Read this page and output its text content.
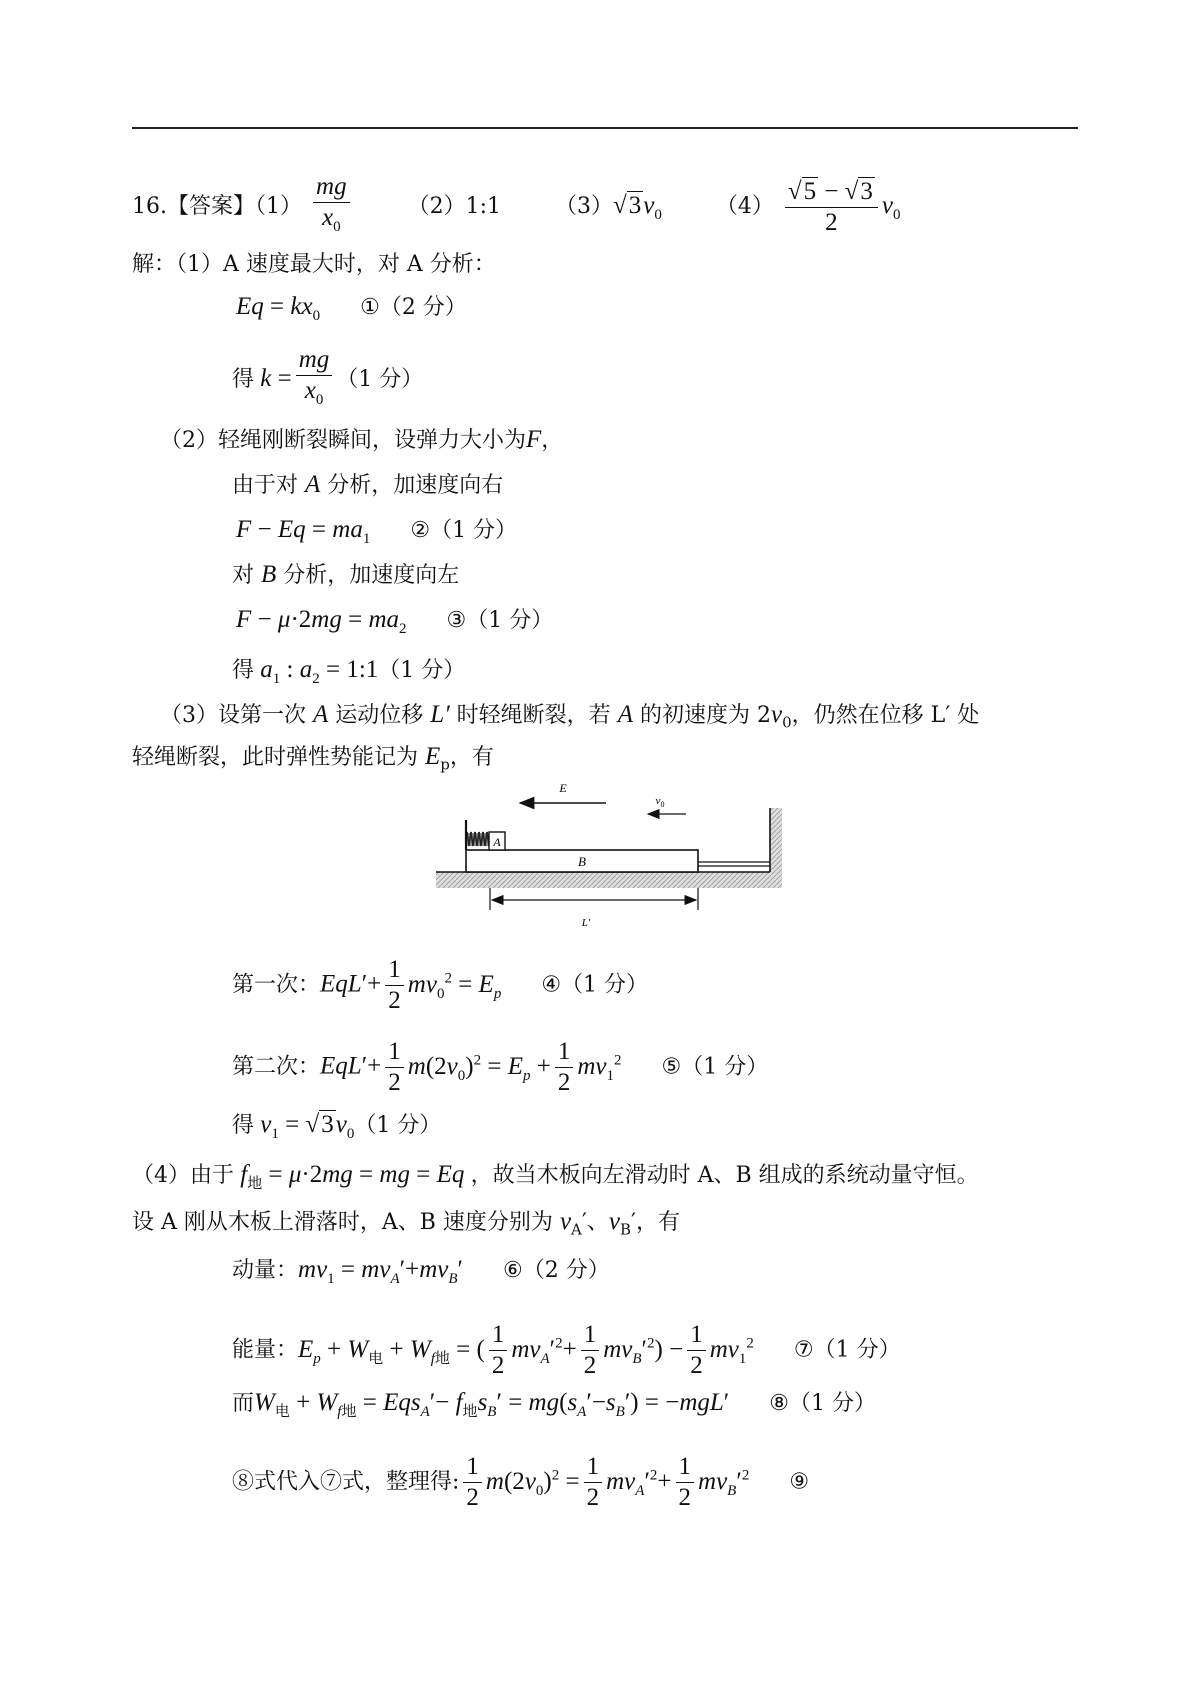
16.【答案】$(1) \frac{mg}{x_0}$	（2）1:1 $(3)√3v_0$ $(4) \frac{√5 - √3}{2} v_0$
解：（1）A 速度最大时，对 A 分析：
$Eq = kx_0$ ①（2 分）
得 $k = \frac{mg}{x_0} (1$ 分）
（2）轻绳刚断裂瞬间，设弹力大小为F，
由于对 A 分析，加速度向右
$F - Eq = ma_1$ ②（1 分）
对 B 分析，加速度向左
$F - \mu\cdot 2mg = ma_2$ ③（1 分）
得 $a_1$ : $a_2$ = 1:1（1 分）
（3）设第一次 A 运动位移 L′ 时轻绳断裂，若 A 的初速度为 $2v_0$，仍然在位移 L′ 处
轻绳断裂，此时弹性势能记为 $E_p$，有
B
A
E
$v_0$
L′
第一次：$EqL'+ \frac{1}{2} mv_0^2 = E_p$ ④（1 分）
第二次：$EqL'+ \frac{1}{2} m(2v_0)^2 = E_p + \frac{1}{2} mv_1^2$ ⑤（1 分）
得 $v_1 = √3v_0(1$ 分）
（4）由于 $f_地 = \mu\cdot 2mg$ = mg = Eq ，故当木板向左滑动时 A、B 组成的系统动量守恒。
设 A 刚从木板上滑落时，A、B 速度分别为 $v_A'$、$v_B'$，有
动量：$mv_1 = mv_A'+mv_B'$ ⑥（2 分）
能量：$E_p + W_电 + W_{f地}$ = ( $\frac{1}{2} mv_A'^2+ \frac{1}{2} mv_B'^2) - \frac{1}{2} mv_1^2$ ⑦（1 分）
而$W_电 + W_{f地} = Eqs_A'- f_地s_B' = mg(s_A'-s_B') = -mgL'$ ⑧（1 分）
⑧式代入⑦式，整理得: $\frac{1}{2} m(2v_0)^2 = \frac{1}{2} mv_A'^2+ \frac{1}{2} mv_B'^2$ ⑨
